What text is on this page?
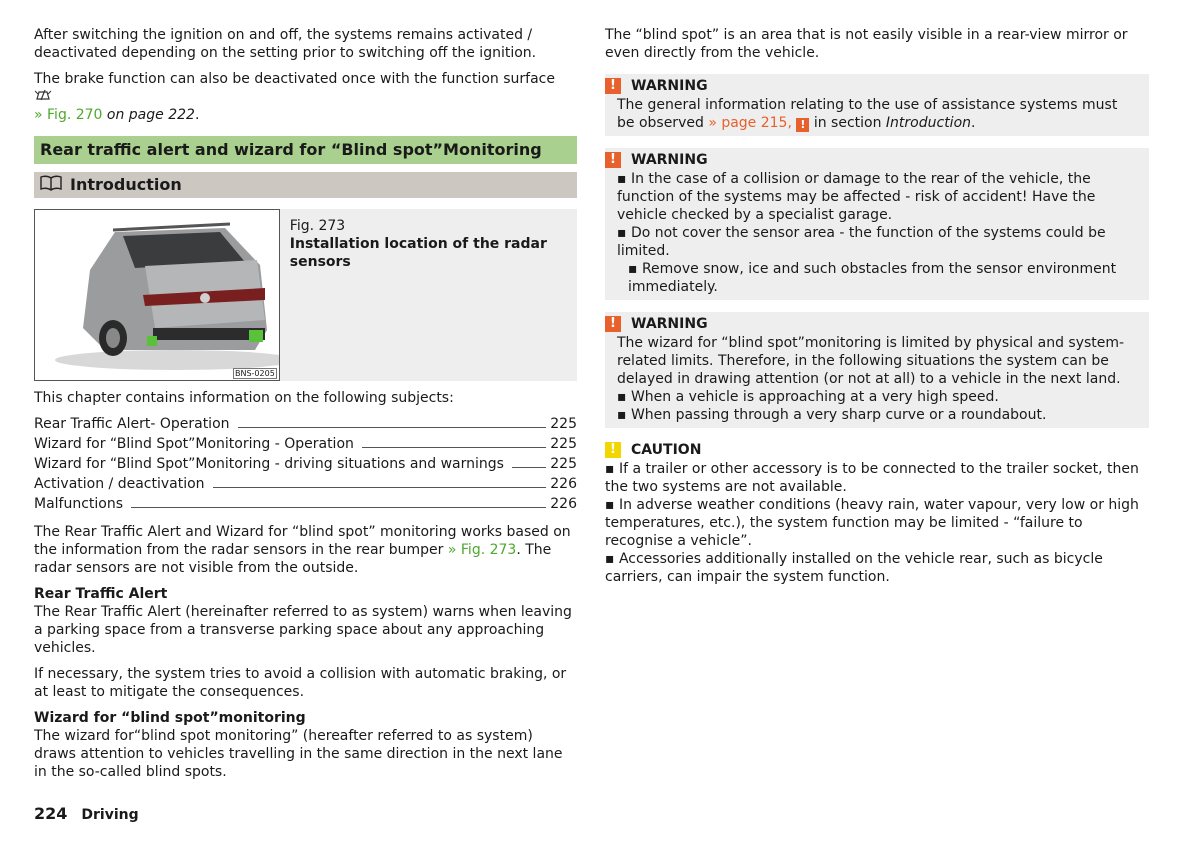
After switching the ignition on and off, the systems remains activated / deactivated depending on the setting prior to switching off the ignition.

The brake function can also be deactivated once with the function surface
» Fig. 270 on page 222.

Rear traffic alert and wizard for “Blind spot”Monitoring
Introduction
BNS-0205
Fig. 273
Installation location of the radar sensors

This chapter contains information on the following subjects:

Rear Traffic Alert- Operation	225
Wizard for “Blind Spot”Monitoring - Operation	225
Wizard for “Blind Spot”Monitoring - driving situations and warnings	225
Activation / deactivation	226
Malfunctions	226

The Rear Traffic Alert and Wizard for “blind spot” monitoring works based on the information from the radar sensors in the rear bumper » Fig. 273. The radar sensors are not visible from the outside.

Rear Traffic Alert

The Rear Traffic Alert (hereinafter referred to as system) warns when leaving a parking space from a transverse parking space about any approaching vehicles.

If necessary, the system tries to avoid a collision with automatic braking, or at least to mitigate the consequences.

Wizard for “blind spot”monitoring

The wizard for“blind spot monitoring” (hereafter referred to as system) draws attention to vehicles travelling in the same direction in the next lane in the so-called blind spots.

The “blind spot” is an area that is not easily visible in a rear-view mirror or even directly from the vehicle.

!	WARNING
The general information relating to the use of assistance systems must be observed » page 215, ! in section Introduction.
!	WARNING
▪ In the case of a collision or damage to the rear of the vehicle, the function of the systems may be affected - risk of accident! Have the vehicle checked by a specialist garage.
▪ Do not cover the sensor area - the function of the systems could be limited.
▪ Remove snow, ice and such obstacles from the sensor environment immediately.
!	WARNING
The wizard for “blind spot”monitoring is limited by physical and system-related limits. Therefore, in the following situations the system can be delayed in drawing attention (or not at all) to a vehicle in the next land.
▪ When a vehicle is approaching at a very high speed.
▪ When passing through a very sharp curve or a roundabout.
!	CAUTION
▪ If a trailer or other accessory is to be connected to the trailer socket, then the two systems are not available.
▪ In adverse weather conditions (heavy rain, water vapour, very low or high temperatures, etc.), the system function may be limited - “failure to recognise a vehicle”.
▪ Accessories additionally installed on the vehicle rear, such as bicycle carriers, can impair the system function.
224 Driving
